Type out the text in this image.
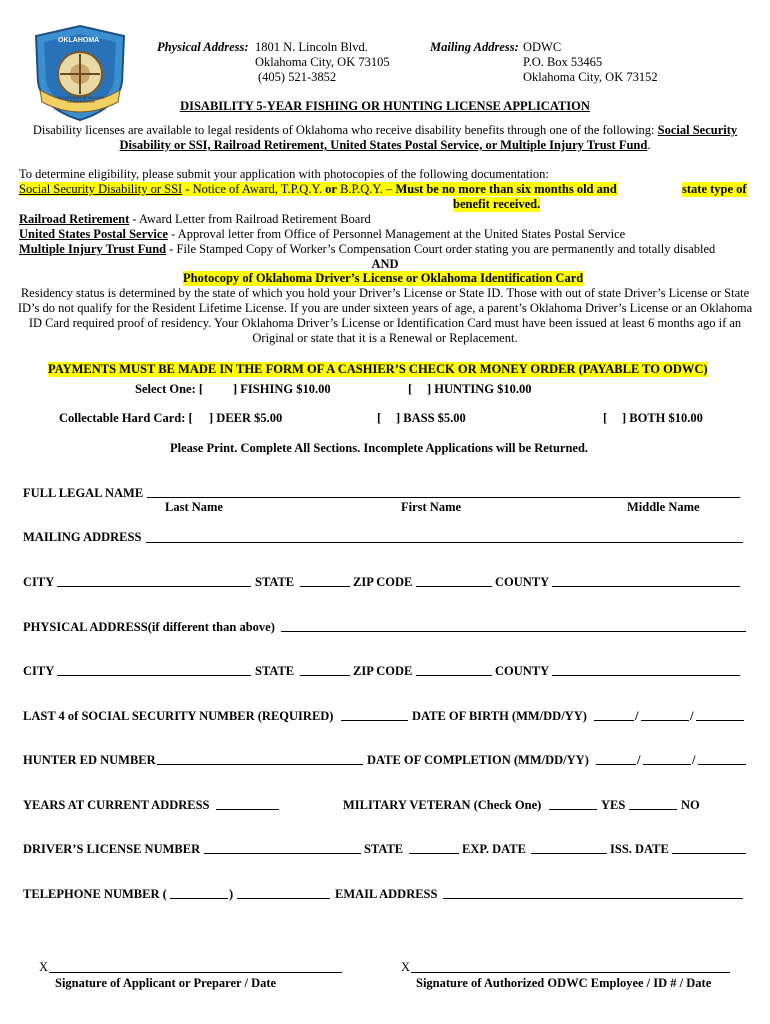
OKLAHOMA
DEPARTMENT OF WILDLIFE CONSERVATION
Physical Address: 1801 N. Lincoln Blvd.
Oklahoma City, OK 73105
(405) 521-3852
Mailing Address: ODWC
P.O. Box 53465
Oklahoma City, OK 73152
DISABILITY 5-YEAR FISHING OR HUNTING LICENSE APPLICATION
Disability licenses are available to legal residents of Oklahoma who receive disability benefits through one of the following: Social Security
Disability or SSI, Railroad Retirement, United States Postal Service, or Multiple Injury Trust Fund.
To determine eligibility, please submit your application with photocopies of the following documentation:
Social Security Disability or SSI - Notice of Award, T.P.Q.Y. or B.P.Q.Y. – Must be no more than six months old and	state type of
benefit received.
Railroad Retirement - Award Letter from Railroad Retirement Board
United States Postal Service - Approval letter from Office of Personnel Management at the United States Postal Service
Multiple Injury Trust Fund - File Stamped Copy of Worker’s Compensation Court order stating you are permanently and totally disabled
AND
Photocopy of Oklahoma Driver’s License or Oklahoma Identification Card
Residency status is determined by the state of which you hold your Driver’s License or State ID. Those with out of state Driver’s License or State ID’s do not qualify for the Resident Lifetime License. If you are under sixteen years of age, a parent’s Oklahoma Driver’s License or an Oklahoma ID Card required proof of residency. Your Oklahoma Driver’s License or Identification Card must have been issued at least 6 months ago if an Original or state that it is a Renewal or Replacement.
PAYMENTS MUST BE MADE IN THE FORM OF A CASHIER’S CHECK OR MONEY ORDER (PAYABLE TO ODWC)
Select One: [ ] FISHING $10.00	[ ] HUNTING $10.00
Collectable Hard Card: [ ] DEER $5.00	[ ] BASS $5.00	[ ] BOTH $10.00
Please Print. Complete All Sections. Incomplete Applications will be Returned.
FULL LEGAL NAME
Last Name	First Name	Middle Name
MAILING ADDRESS
CITY	STATE	ZIP CODE	COUNTY
PHYSICAL ADDRESS(if different than above)
CITY	STATE	ZIP CODE	COUNTY
LAST 4 of SOCIAL SECURITY NUMBER (REQUIRED)	DATE OF BIRTH (MM/DD/YY)	/	/
HUNTER ED NUMBER	DATE OF COMPLETION (MM/DD/YY)	/	/
YEARS AT CURRENT ADDRESS	MILITARY VETERAN (Check One)	YES	NO
DRIVER’S LICENSE NUMBER	STATE	EXP. DATE	ISS. DATE
TELEPHONE NUMBER (	)	EMAIL ADDRESS
X
Signature of Applicant or Preparer / Date
X
Signature of Authorized ODWC Employee / ID # / Date
